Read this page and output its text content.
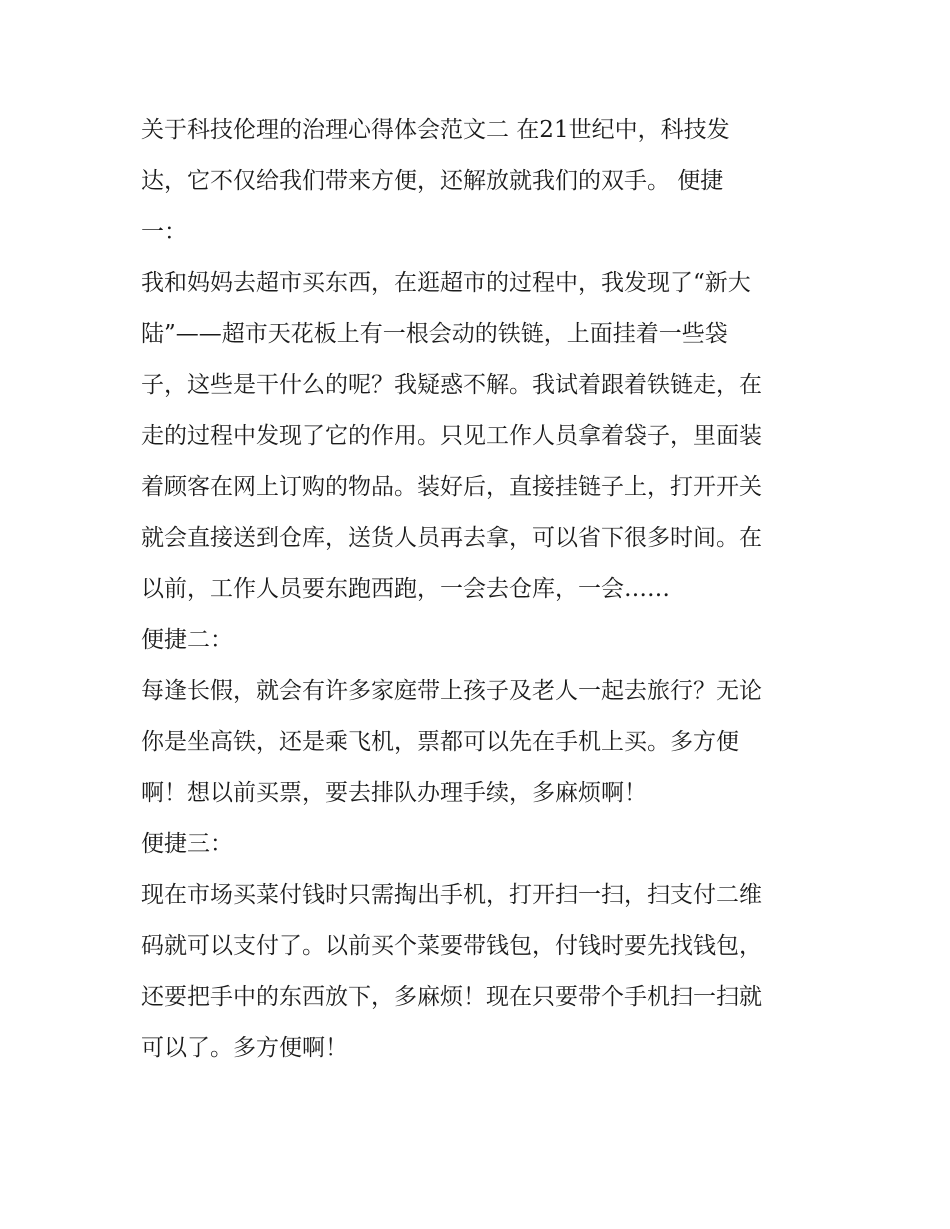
关于科技伦理的治理心得体会范文二 在21世纪中，科技发
达，它不仅给我们带来方便，还解放就我们的双手。 便捷
一：
我和妈妈去超市买东西，在逛超市的过程中，我发现了“新大
陆”——超市天花板上有一根会动的铁链，上面挂着一些袋
子，这些是干什么的呢？我疑惑不解。我试着跟着铁链走，在
走的过程中发现了它的作用。只见工作人员拿着袋子，里面装
着顾客在网上订购的物品。装好后，直接挂链子上，打开开关
就会直接送到仓库，送货人员再去拿，可以省下很多时间。在
以前，工作人员要东跑西跑，一会去仓库，一会……
便捷二：
每逢长假，就会有许多家庭带上孩子及老人一起去旅行？无论
你是坐高铁，还是乘飞机，票都可以先在手机上买。多方便
啊！想以前买票，要去排队办理手续，多麻烦啊！
便捷三：
现在市场买菜付钱时只需掏出手机，打开扫一扫，扫支付二维
码就可以支付了。以前买个菜要带钱包，付钱时要先找钱包，
还要把手中的东西放下，多麻烦！现在只要带个手机扫一扫就
可以了。多方便啊！
